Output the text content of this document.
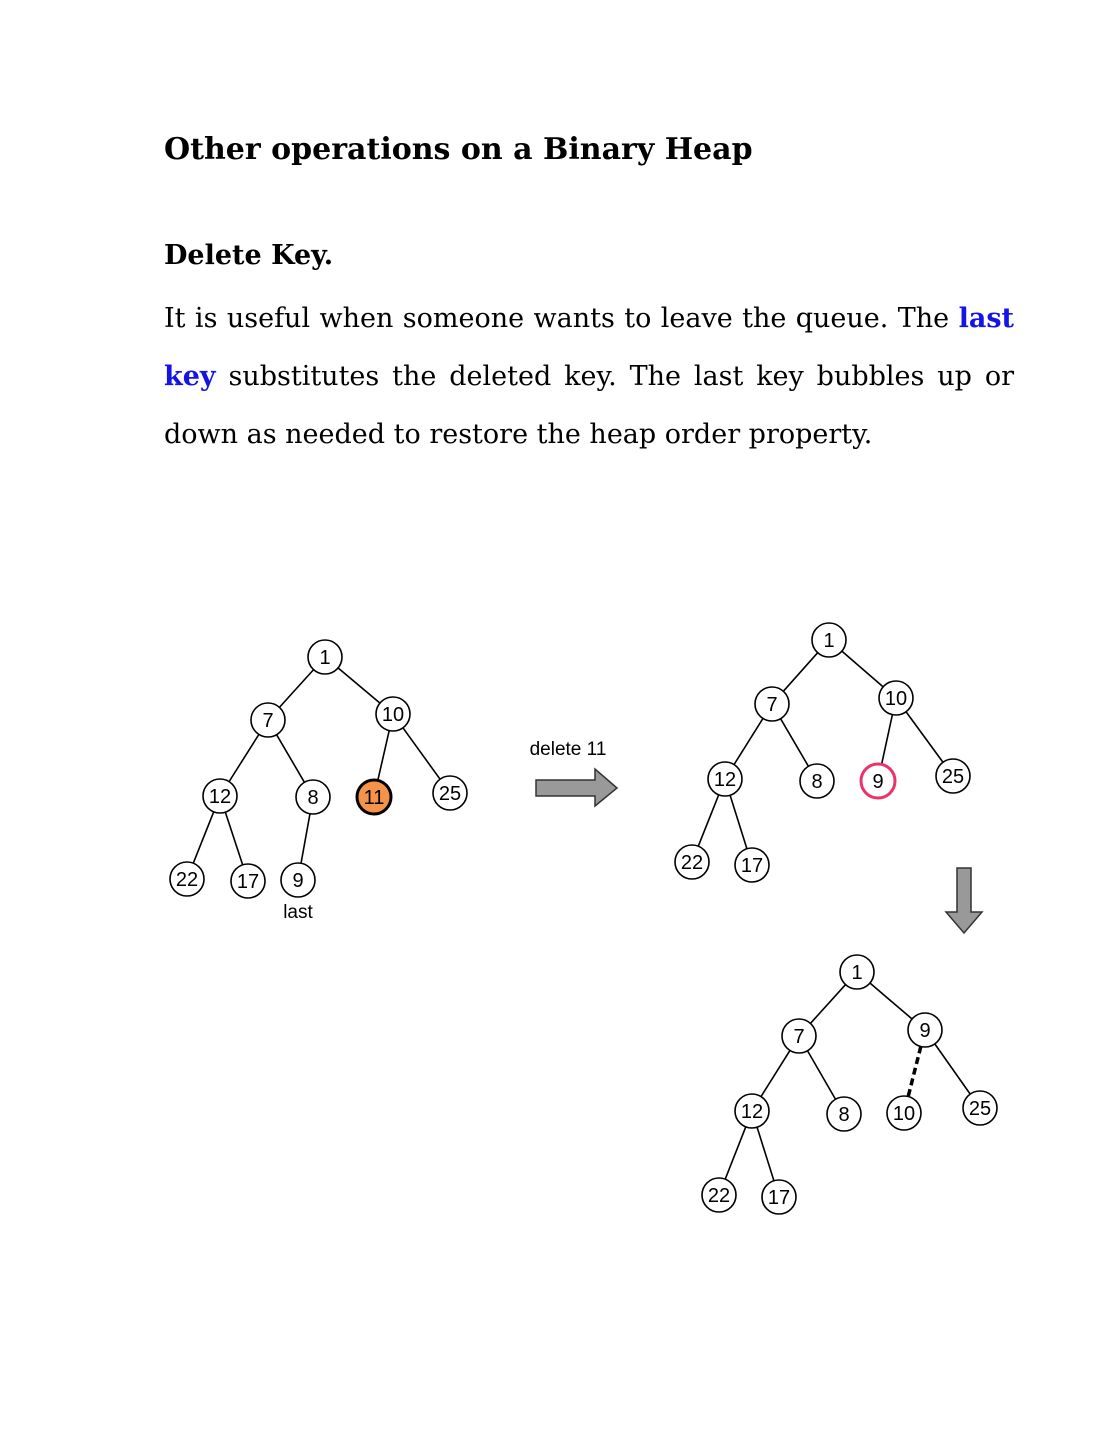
Other operations on a Binary Heap
Delete Key.

It is useful when someone wants to leave the queue. The last key substitutes the deleted key. The last key bubbles up or down as needed to restore the heap order property.

delete 11
last
1
7	10
12	8 11	25
22 17 9
1
7	10
12	8 9	25
22 17
1
7	9
12	8 10	25
22 17
